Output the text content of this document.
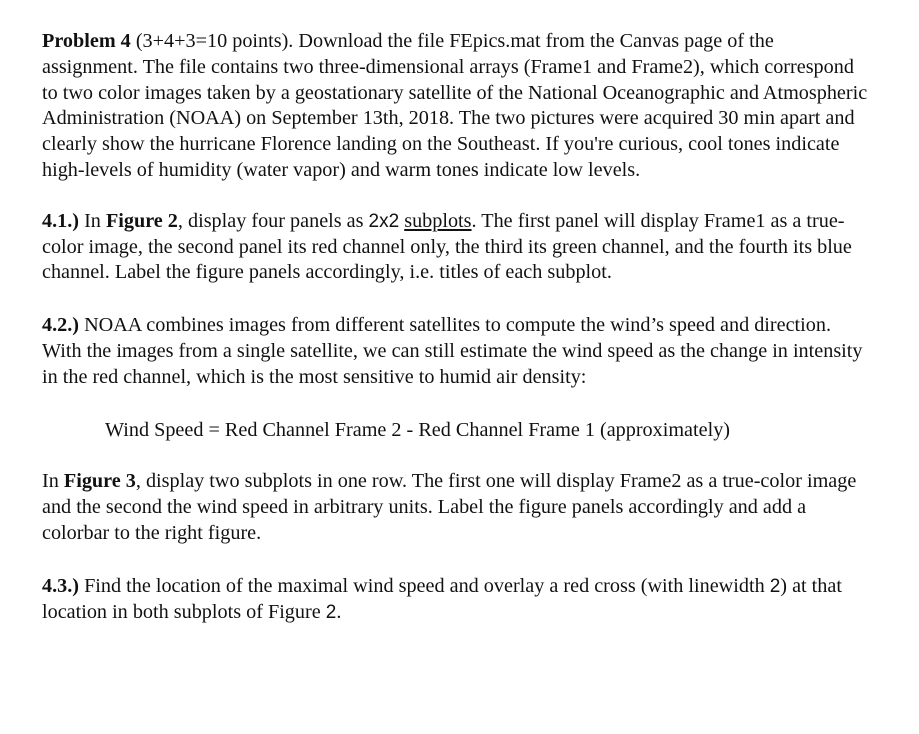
Problem 4 (3+4+3=10 points). Download the file FEpics.mat from the Canvas page of the assignment. The file contains two three-dimensional arrays (Frame1 and Frame2), which correspond to two color images taken by a geostationary satellite of the National Oceanographic and Atmospheric Administration (NOAA) on September 13th, 2018. The two pictures were acquired 30 min apart and clearly show the hurricane Florence landing on the Southeast. If you're curious, cool tones indicate high-levels of humidity (water vapor) and warm tones indicate low levels.

4.1.) In Figure 2, display four panels as 2x2 subplots. The first panel will display Frame1 as a true-color image, the second panel its red channel only, the third its green channel, and the fourth its blue channel. Label the figure panels accordingly, i.e. titles of each subplot.

4.2.) NOAA combines images from different satellites to compute the wind’s speed and direction. With the images from a single satellite, we can still estimate the wind speed as the change in intensity in the red channel, which is the most sensitive to humid air density:

Wind Speed = Red Channel Frame 2 - Red Channel Frame 1 (approximately)

In Figure 3, display two subplots in one row. The first one will display Frame2 as a true-color image and the second the wind speed in arbitrary units. Label the figure panels accordingly and add a colorbar to the right figure.

4.3.) Find the location of the maximal wind speed and overlay a red cross (with linewidth 2) at that location in both subplots of Figure 2.
